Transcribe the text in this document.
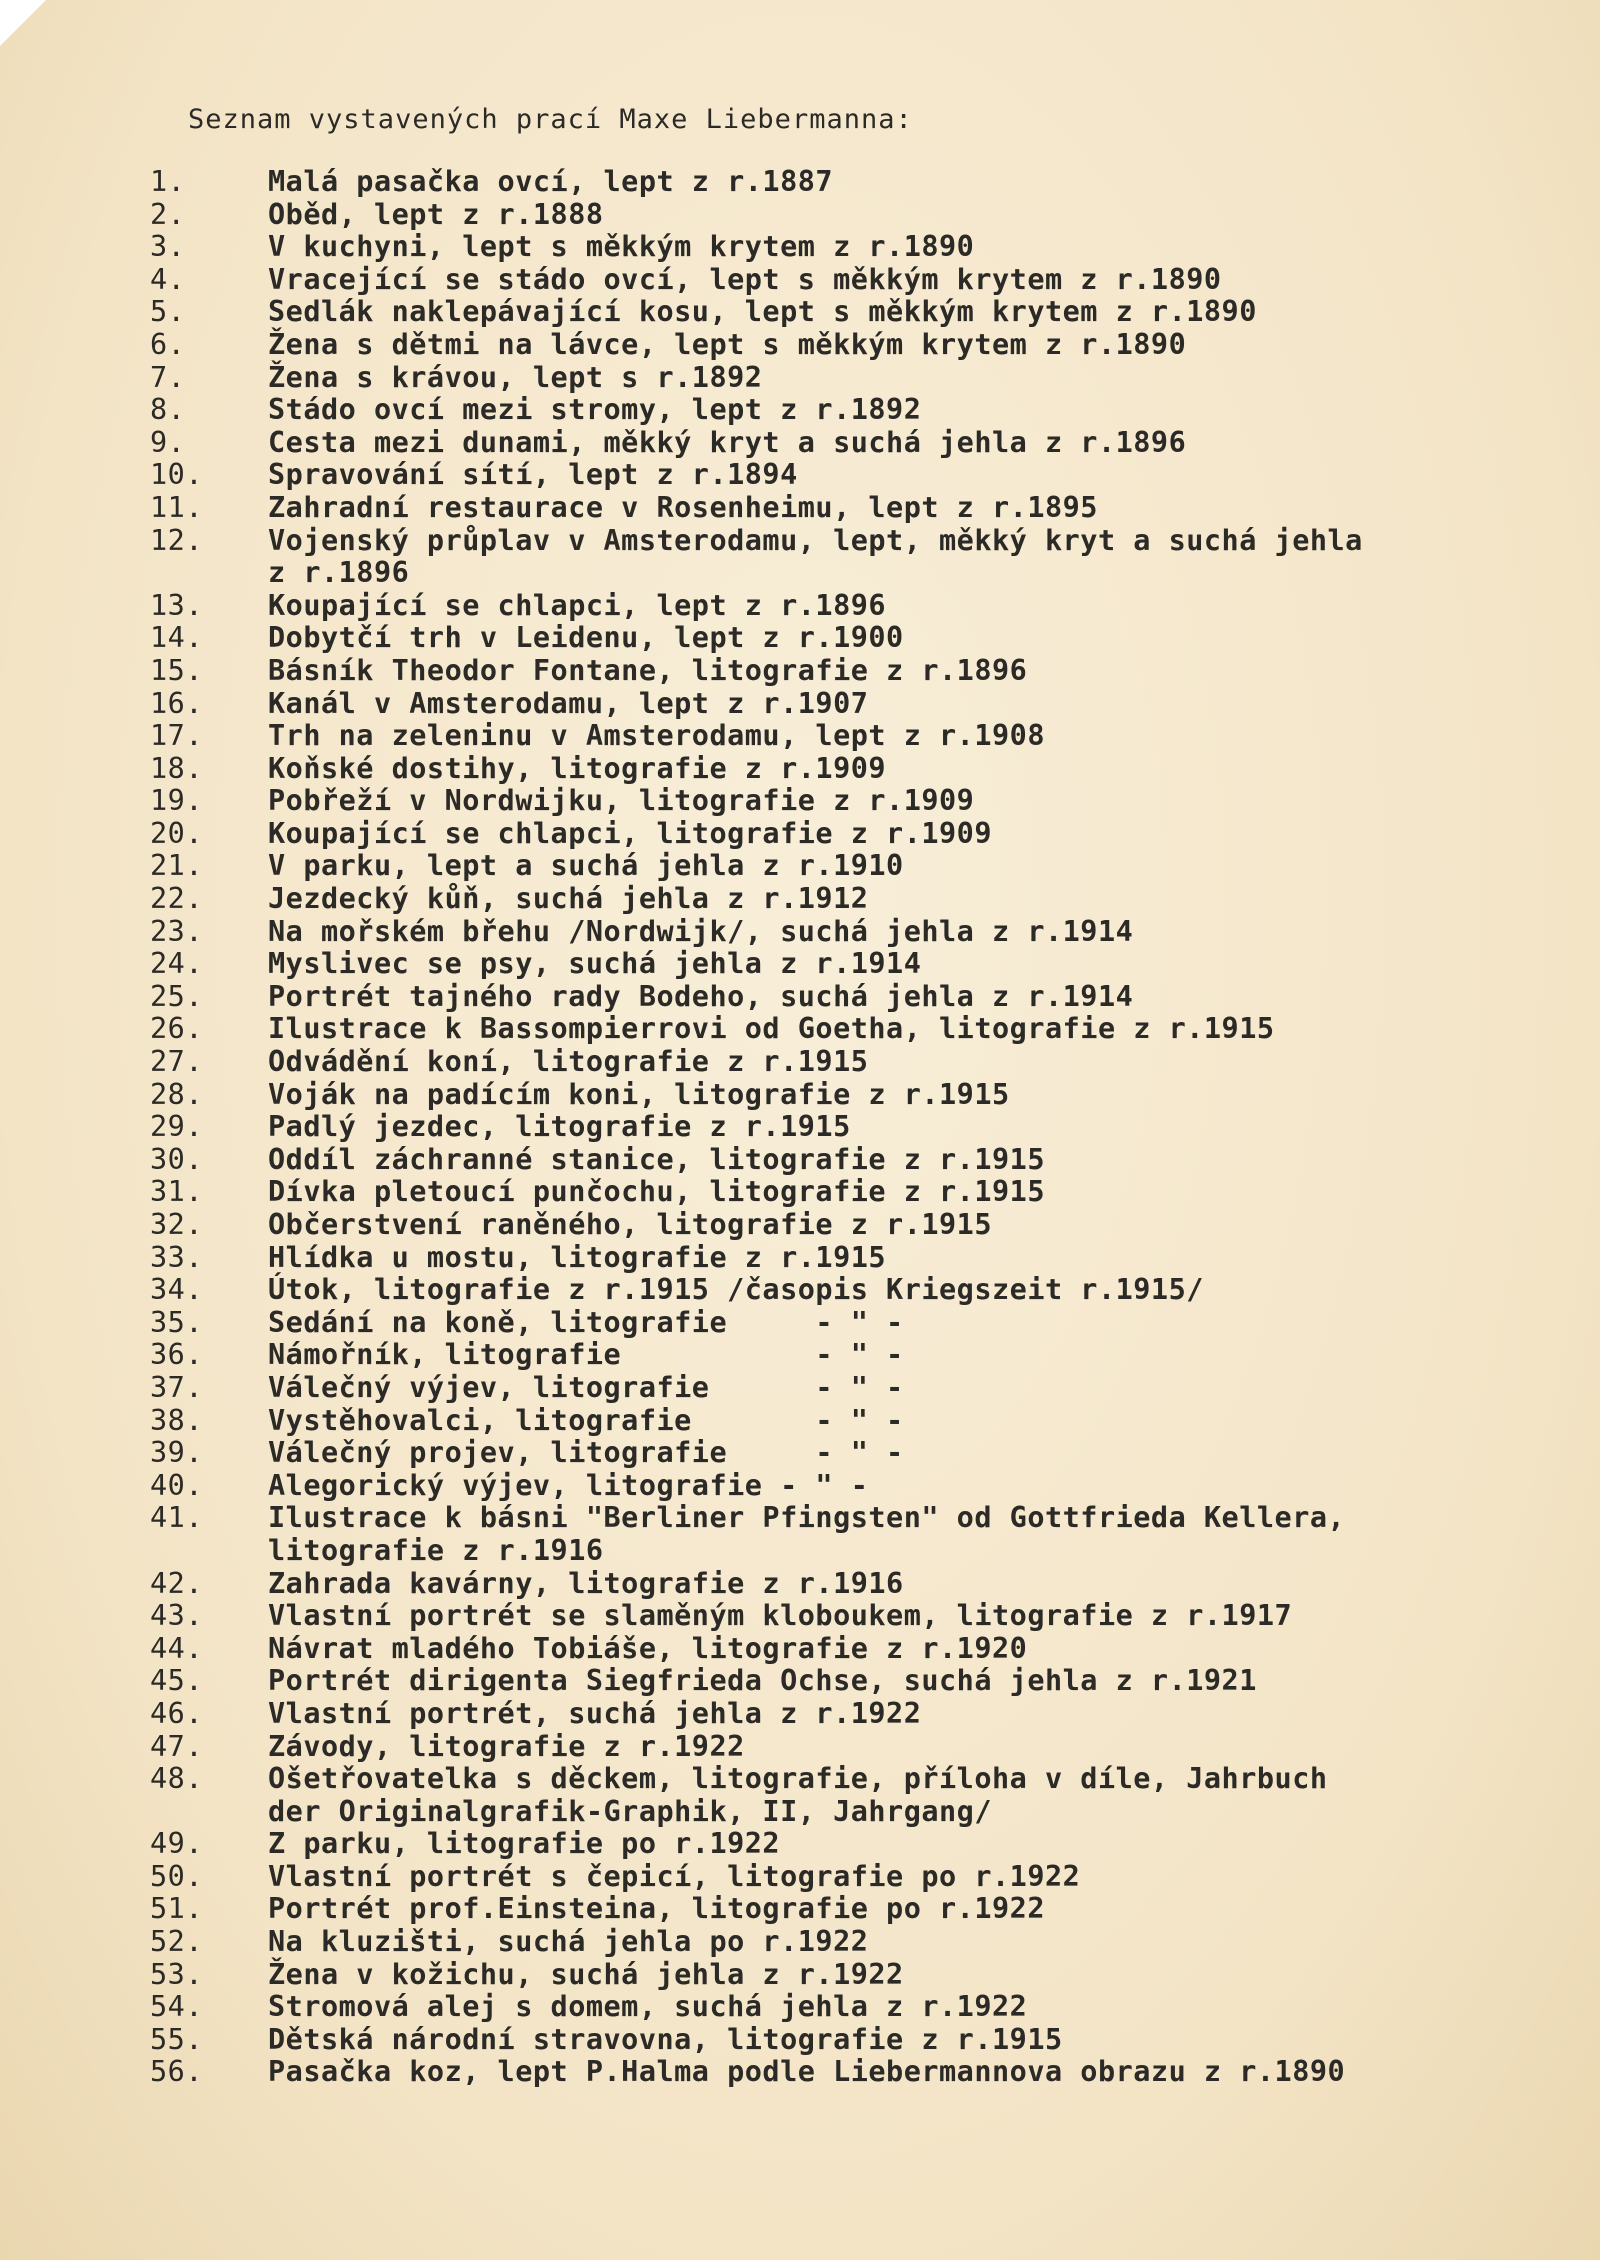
Seznam vystavených prací Maxe Liebermanna:
1.	Malá pasačka ovcí, lept z r.1887
2.	Oběd, lept z r.1888
3.	V kuchyni, lept s měkkým krytem z r.1890
4.	Vracející se stádo ovcí, lept s měkkým krytem z r.1890
5.	Sedlák naklepávající kosu, lept s měkkým krytem z r.1890
6.	Žena s dětmi na lávce, lept s měkkým krytem z r.1890
7.	Žena s krávou, lept s r.1892
8.	Stádo ovcí mezi stromy, lept z r.1892
9.	Cesta mezi dunami, měkký kryt a suchá jehla z r.1896
10.	Spravování sítí, lept z r.1894
11.	Zahradní restaurace v Rosenheimu, lept z r.1895
12.	Vojenský průplav v Amsterodamu, lept, měkký kryt a suchá jehla
z r.1896
13.	Koupající se chlapci, lept z r.1896
14.	Dobytčí trh v Leidenu, lept z r.1900
15.	Básník Theodor Fontane, litografie z r.1896
16.	Kanál v Amsterodamu, lept z r.1907
17.	Trh na zeleninu v Amsterodamu, lept z r.1908
18.	Koňské dostihy, litografie z r.1909
19.	Pobřeží v Nordwijku, litografie z r.1909
20.	Koupající se chlapci, litografie z r.1909
21.	V parku, lept a suchá jehla z r.1910
22.	Jezdecký kůň, suchá jehla z r.1912
23.	Na mořském břehu /Nordwijk/, suchá jehla z r.1914
24.	Myslivec se psy, suchá jehla z r.1914
25.	Portrét tajného rady Bodeho, suchá jehla z r.1914
26.	Ilustrace k Bassompierrovi od Goetha, litografie z r.1915
27.	Odvádění koní, litografie z r.1915
28.	Voják na padícím koni, litografie z r.1915
29.	Padlý jezdec, litografie z r.1915
30.	Oddíl záchranné stanice, litografie z r.1915
31.	Dívka pletoucí punčochu, litografie z r.1915
32.	Občerstvení raněného, litografie z r.1915
33.	Hlídka u mostu, litografie z r.1915
34.	Útok, litografie z r.1915 /časopis Kriegszeit r.1915/
35.	Sedání na koně, litografie     - " -
36.	Námořník, litografie           - " -
37.	Válečný výjev, litografie      - " -
38.	Vystěhovalci, litografie       - " -
39.	Válečný projev, litografie     - " -
40.	Alegorický výjev, litografie - " -
41.	Ilustrace k básni "Berliner Pfingsten" od Gottfrieda Kellera,
litografie z r.1916
42.	Zahrada kavárny, litografie z r.1916
43.	Vlastní portrét se slaměným kloboukem, litografie z r.1917
44.	Návrat mladého Tobiáše, litografie z r.1920
45.	Portrét dirigenta Siegfrieda Ochse, suchá jehla z r.1921
46.	Vlastní portrét, suchá jehla z r.1922
47.	Závody, litografie z r.1922
48.	Ošetřovatelka s děckem, litografie, příloha v díle, Jahrbuch
der Originalgrafik-Graphik, II, Jahrgang/
49.	Z parku, litografie po r.1922
50.	Vlastní portrét s čepicí, litografie po r.1922
51.	Portrét prof.Einsteina, litografie po r.1922
52.	Na kluzišti, suchá jehla po r.1922
53.	Žena v kožichu, suchá jehla z r.1922
54.	Stromová alej s domem, suchá jehla z r.1922
55.	Dětská národní stravovna, litografie z r.1915
56.	Pasačka koz, lept P.Halma podle Liebermannova obrazu z r.1890
